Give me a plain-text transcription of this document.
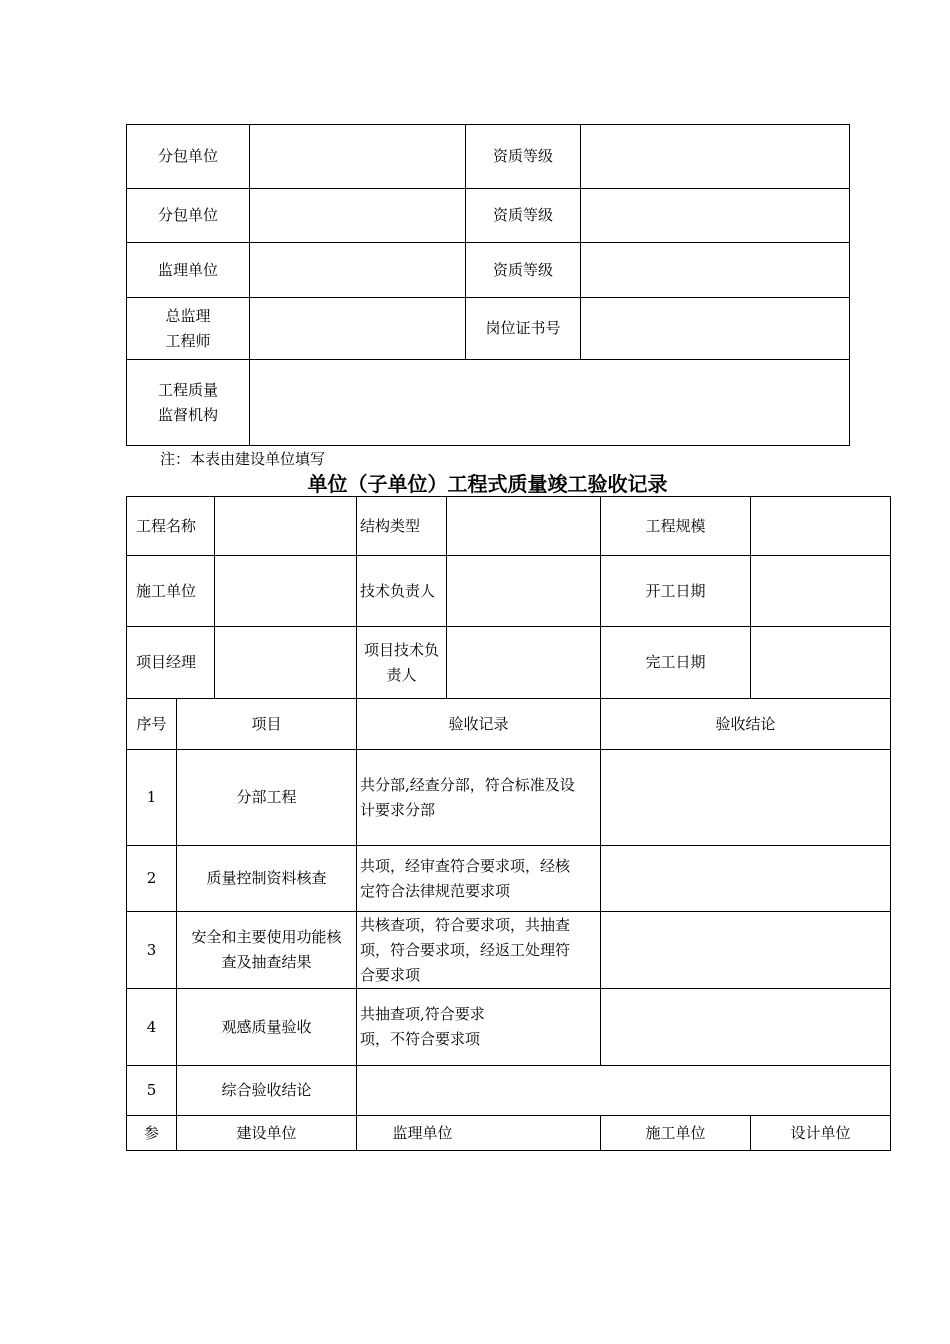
分包单位		资质等级	
分包单位		资质等级	
监理单位		资质等级	

总监理
工程师		岗位证书号	

工程质量
监督机构			

注：本表由建设单位填写
单位（子单位）工程式质量竣工验收记录
工程名称			结构类型		工程规模	
施工单位			技术负责人		开工日期	
项目经理			项目技术负
责人		完工日期	
序号	项目		验收记录		验收结论	
1	分部工程		共分部,经查分部，符合标准及设
计要求分部			

2	质量控制资料核查		共项，经审查符合要求项，经核
定符合法律规范要求项			

3	安全和主要使用功能核
查及抽查结果		共核查项，符合要求项，共抽查
项，符合要求项，经返工处理符
合要求项			

4	观感质量验收		共抽查项,符合要求
项，不符合要求项			

5	综合验收结论					
参	建设单位		监理单位		施工单位	设计单位
